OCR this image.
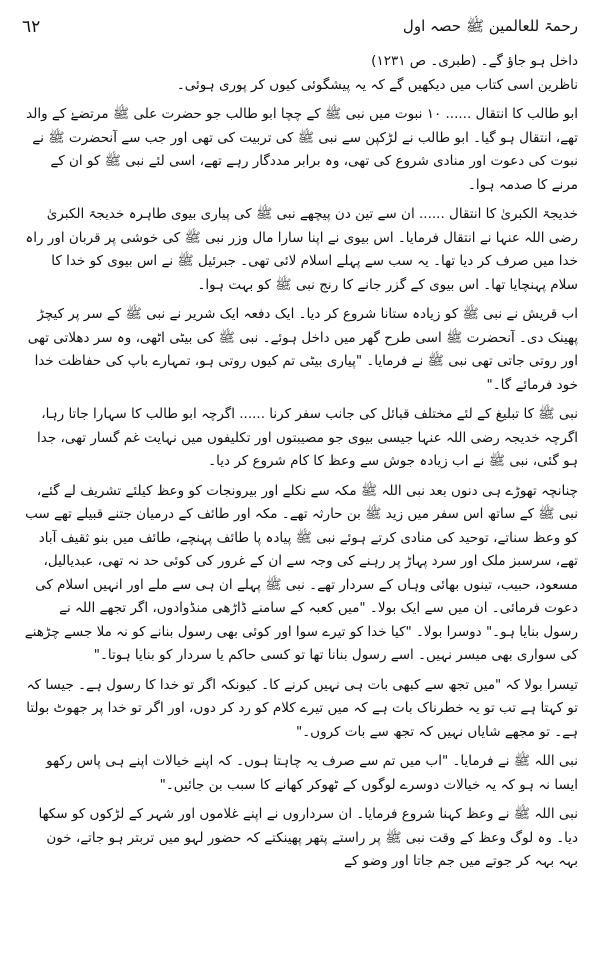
رحمۃ للعالمین ﷺ حصہ اول
٦٢

داخل ہو جاؤ گے۔ (طبری۔ ص ١٢٣١)

ناظرین اسی کتاب میں دیکھیں گے کہ یہ پیشگوئی کیوں کر پوری ہوئی۔

ابو طالب کا انتقال ...... ١٠ نبوت میں نبی ﷺ کے چچا ابو طالب جو حضرت علی ﷺ مرتضےٰ کے والد تھے، انتقال ہو گیا۔ ابو طالب نے لڑکپن سے نبی ﷺ کی تربیت کی تھی اور جب سے آنحضرت ﷺ نے نبوت کی دعوت اور منادی شروع کی تھی، وہ برابر مددگار رہے تھے، اسی لئے نبی ﷺ کو ان کے مرنے کا صدمہ ہوا۔

خدیجۃ الکبریٰ کا انتقال ...... ان سے تین دن پیچھے نبی ﷺ کی پیاری بیوی طاہرہ خدیجۃ الکبریٰ رضی اللہ عنہا نے انتقال فرمایا۔ اس بیوی نے اپنا سارا مال وزر نبی ﷺ کی خوشی پر قربان اور راہ خدا میں صرف کر دیا تھا۔ یہ سب سے پہلے اسلام لائی تھی۔ جبرئیل ﷺ نے اس بیوی کو خدا کا سلام پہنچایا تھا۔ اس بیوی کے گزر جانے کا رنج نبی ﷺ کو بہت ہوا۔

اب قریش نے نبی ﷺ کو زیادہ ستانا شروع کر دیا۔ ایک دفعہ ایک شریر نے نبی ﷺ کے سر پر کیچڑ پھینک دی۔ آنحضرت ﷺ اسی طرح گھر میں داخل ہوئے۔ نبی ﷺ کی بیٹی اٹھی، وہ سر دھلاتی تھی اور روتی جاتی تھی نبی ﷺ نے فرمایا۔ "پیاری بیٹی تم کیوں روتی ہو، تمہارے باپ کی حفاظت خدا خود فرمائے گا۔"

نبی ﷺ کا تبلیغ کے لئے مختلف قبائل کی جانب سفر کرنا ...... اگرچہ ابو طالب کا سہارا جاتا رہا، اگرچہ خدیجہ رضی اللہ عنہا جیسی بیوی جو مصیبتوں اور تکلیفوں میں نہایت غم گسار تھی، جدا ہو گئی، نبی ﷺ نے اب زیادہ جوش سے وعظ کا کام شروع کر دیا۔

چنانچہ تھوڑے ہی دنوں بعد نبی اللہ ﷺ مکہ سے نکلے اور بیرونجات کو وعظ کیلئے تشریف لے گئے، نبی ﷺ کے ساتھ اس سفر میں زید ﷺ بن حارثہ تھے۔ مکہ اور طائف کے درمیان جتنے قبیلے تھے سب کو وعظ سناتے، توحید کی منادی کرتے ہوئے نبی ﷺ پیادہ پا طائف پہنچے، طائف میں بنو ثقیف آباد تھے، سرسبز ملک اور سرد پہاڑ پر رہنے کی وجہ سے ان کے غرور کی کوئی حد نہ تھی، عبدیالیل، مسعود، حبیب، تینوں بھائی وہاں کے سردار تھے۔ نبی ﷺ پہلے ان ہی سے ملے اور انہیں اسلام کی دعوت فرمائی۔ ان میں سے ایک بولا۔ "میں کعبہ کے سامنے ڈاڑھی منڈوادوں، اگر تجھے اللہ نے رسول بنایا ہو۔" دوسرا بولا۔ "کیا خدا کو تیرے سوا اور کوئی بھی رسول بنانے کو نہ ملا جسے چڑھنے کی سواری بھی میسر نہیں۔ اسے رسول بنانا تھا تو کسی حاکم یا سردار کو بنایا ہوتا۔"

تیسرا بولا کہ "میں تجھ سے کبھی بات ہی نہیں کرنے کا۔ کیونکہ اگر تو خدا کا رسول ہے۔ جیسا کہ تو کہتا ہے تب تو یہ خطرناک بات ہے کہ میں تیرے کلام کو رد کر دوں، اور اگر تو خدا پر جھوٹ بولتا ہے۔ تو مجھے شایاں نہیں کہ تجھ سے بات کروں۔"

نبی اللہ ﷺ نے فرمایا۔ "اب میں تم سے صرف یہ چاہتا ہوں۔ کہ اپنے خیالات اپنے ہی پاس رکھو ایسا نہ ہو کہ یہ خیالات دوسرے لوگوں کے ٹھوکر کھانے کا سبب بن جائیں۔"

نبی اللہ ﷺ نے وعظ کہنا شروع فرمایا۔ ان سرداروں نے اپنے غلاموں اور شہر کے لڑکوں کو سکھا دیا۔ وہ لوگ وعظ کے وقت نبی ﷺ پر راستے پتھر پھینکتے کہ حضور لہو میں تربتر ہو جاتے، خون بہہ بہہ کر جوتے میں جم جاتا اور وضو کے
